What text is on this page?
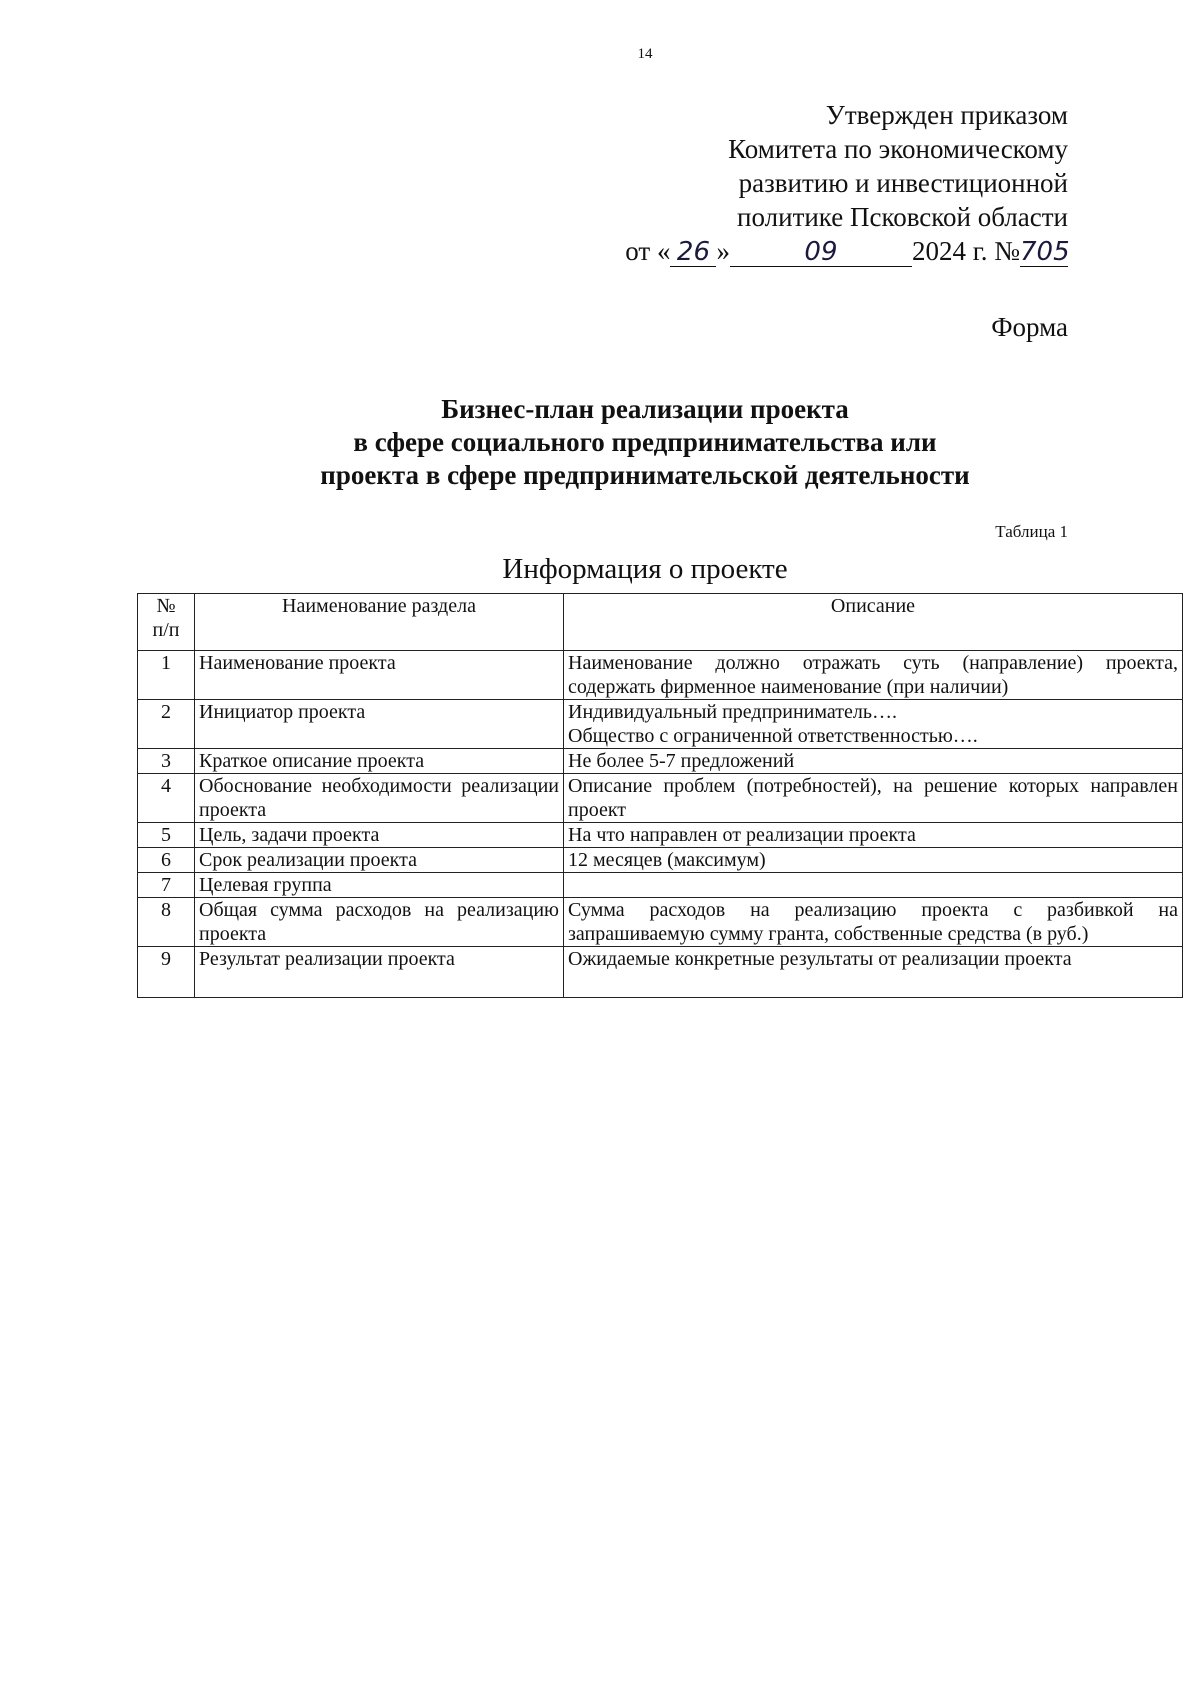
14
Утвержден приказом
Комитета по экономическому
развитию и инвестиционной
политике Псковской области
от « 26 »	09	2024 г. №705
Форма
Бизнес-план реализации проекта
в сфере социального предпринимательства или
проекта в сфере предпринимательской деятельности
Таблица 1
Информация о проекте
№
п/п	Наименование раздела	Описание
1	Наименование проекта	Наименование должно отражать суть (направление) проекта, содержать фирменное наименование (при наличии)
2	Инициатор проекта	Индивидуальный предприниматель….
Общество с ограниченной ответственностью….

3	Краткое описание проекта	Не более 5-7 предложений
4	Обоснование необходимости реализации проекта	Описание проблем (потребностей), на решение которых направлен проект
5	Цель, задачи проекта	На что направлен от реализации проекта
6	Срок реализации проекта	12 месяцев (максимум)
7	Целевая группа	
8	Общая сумма расходов на реализацию проекта	Сумма расходов на реализацию проекта с разбивкой на запрашиваемую сумму гранта, собственные средства (в руб.)
9	Результат реализации проекта	Ожидаемые конкретные результаты от реализации проекта
